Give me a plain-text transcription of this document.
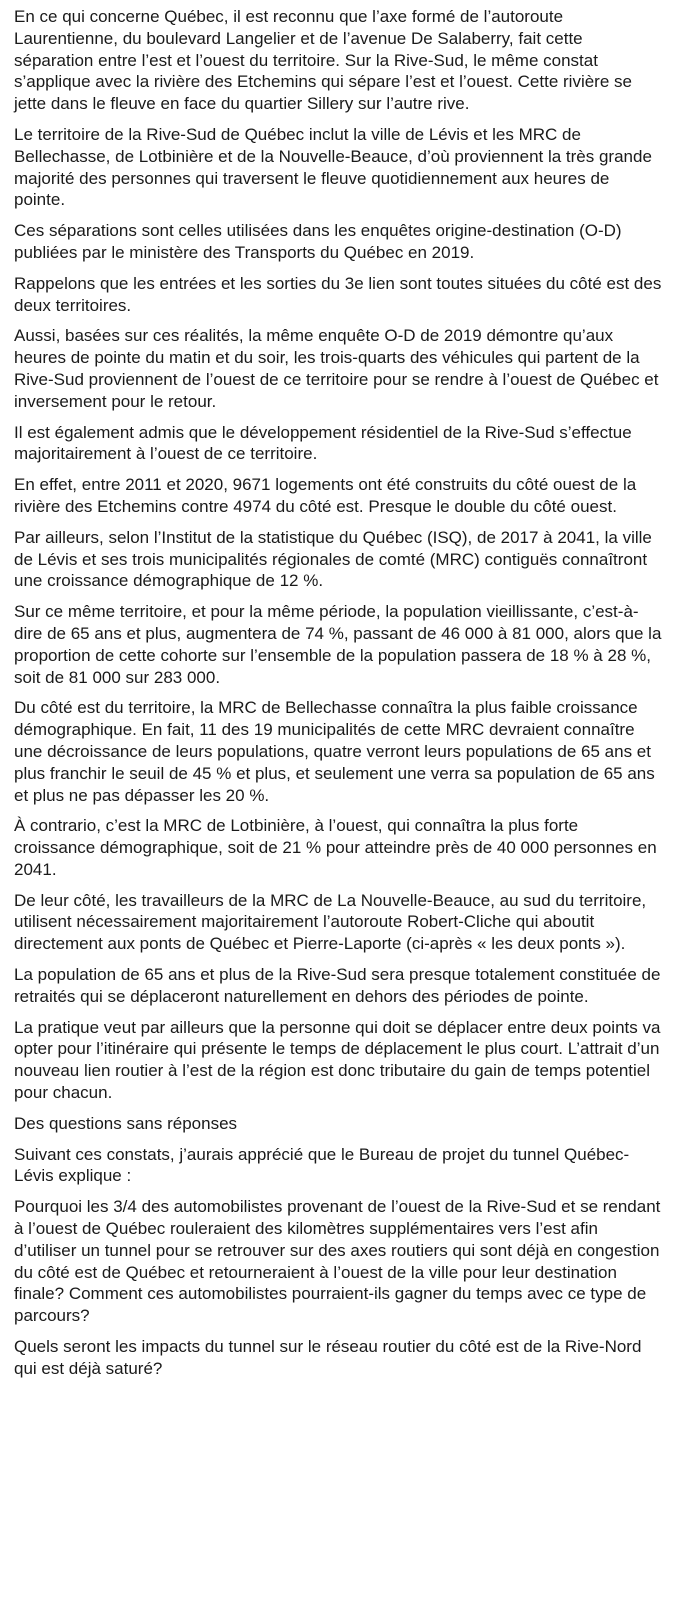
En ce qui concerne Québec, il est reconnu que l’axe formé de l’autoroute Laurentienne, du boulevard Langelier et de l’avenue De Salaberry, fait cette séparation entre l’est et l’ouest du territoire. Sur la Rive-Sud, le même constat s’applique avec la rivière des Etchemins qui sépare l’est et l’ouest. Cette rivière se jette dans le fleuve en face du quartier Sillery sur l’autre rive.

Le territoire de la Rive-Sud de Québec inclut la ville de Lévis et les MRC de Bellechasse, de Lotbinière et de la Nouvelle-Beauce, d’où proviennent la très grande majorité des personnes qui traversent le fleuve quotidiennement aux heures de pointe.

Ces séparations sont celles utilisées dans les enquêtes origine-destination (O-D) publiées par le ministère des Transports du Québec en 2019.

Rappelons que les entrées et les sorties du 3e lien sont toutes situées du côté est des deux territoires.

Aussi, basées sur ces réalités, la même enquête O-D de 2019 démontre qu’aux heures de pointe du matin et du soir, les trois-quarts des véhicules qui partent de la Rive-Sud proviennent de l’ouest de ce territoire pour se rendre à l’ouest de Québec et inversement pour le retour.

Il est également admis que le développement résidentiel de la Rive-Sud s’effectue majoritairement à l’ouest de ce territoire.

En effet, entre 2011 et 2020, 9671 logements ont été construits du côté ouest de la rivière des Etchemins contre 4974 du côté est. Presque le double du côté ouest.

Par ailleurs, selon l’Institut de la statistique du Québec (ISQ), de 2017 à 2041, la ville de Lévis et ses trois municipalités régionales de comté (MRC) contiguës connaîtront une croissance démographique de 12 %.

Sur ce même territoire, et pour la même période, la population vieillissante, c’est-à-dire de 65 ans et plus, augmentera de 74 %, passant de 46 000 à 81 000, alors que la proportion de cette cohorte sur l’ensemble de la population passera de 18 % à 28 %, soit de 81 000 sur 283 000.

Du côté est du territoire, la MRC de Bellechasse connaîtra la plus faible croissance démographique. En fait, 11 des 19 municipalités de cette MRC devraient connaître une décroissance de leurs populations, quatre verront leurs populations de 65 ans et plus franchir le seuil de 45 % et plus, et seulement une verra sa population de 65 ans et plus ne pas dépasser les 20 %.

À contrario, c’est la MRC de Lotbinière, à l’ouest, qui connaîtra la plus forte croissance démographique, soit de 21 % pour atteindre près de 40 000 personnes en 2041.

De leur côté, les travailleurs de la MRC de La Nouvelle-Beauce, au sud du territoire, utilisent nécessairement majoritairement l’autoroute Robert-Cliche qui aboutit directement aux ponts de Québec et Pierre-Laporte (ci-après « les deux ponts »).

La population de 65 ans et plus de la Rive-Sud sera presque totalement constituée de retraités qui se déplaceront naturellement en dehors des périodes de pointe.

La pratique veut par ailleurs que la personne qui doit se déplacer entre deux points va opter pour l’itinéraire qui présente le temps de déplacement le plus court. L’attrait d’un nouveau lien routier à l’est de la région est donc tributaire du gain de temps potentiel pour chacun.

Des questions sans réponses

Suivant ces constats, j’aurais apprécié que le Bureau de projet du tunnel Québec-Lévis explique :

Pourquoi les 3/4 des automobilistes provenant de l’ouest de la Rive-Sud et se rendant à l’ouest de Québec rouleraient des kilomètres supplémentaires vers l’est afin d’utiliser un tunnel pour se retrouver sur des axes routiers qui sont déjà en congestion du côté est de Québec et retourneraient à l’ouest de la ville pour leur destination finale? Comment ces automobilistes pourraient-ils gagner du temps avec ce type de parcours?

Quels seront les impacts du tunnel sur le réseau routier du côté est de la Rive-Nord qui est déjà saturé?
